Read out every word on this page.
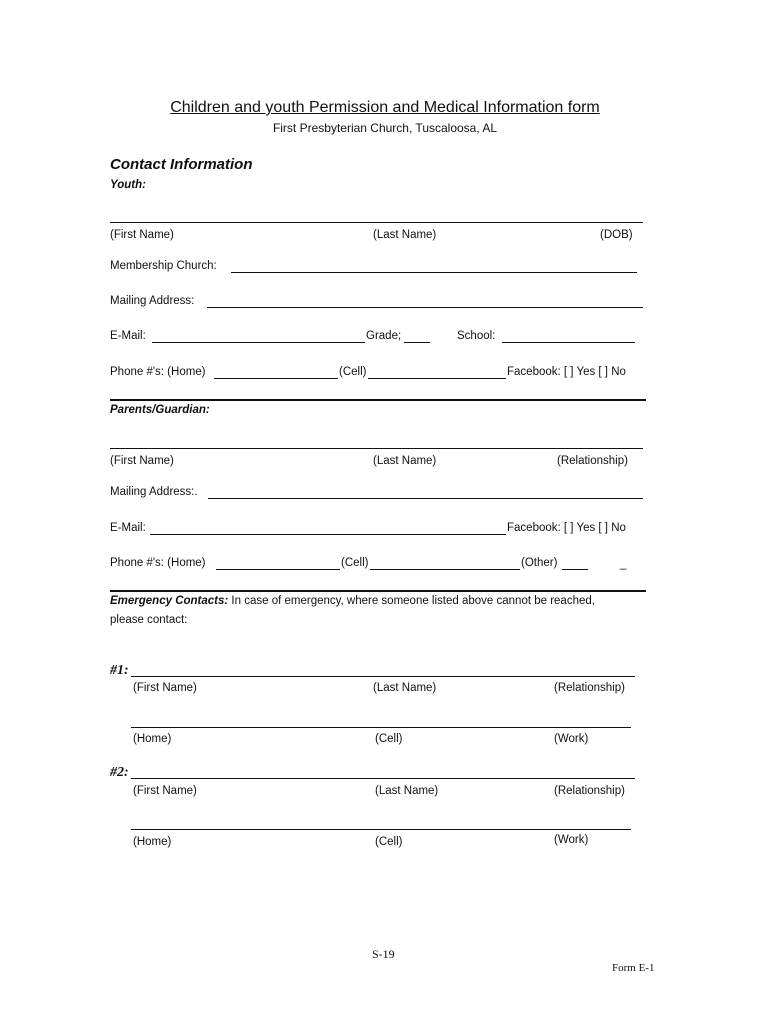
Children and youth Permission and Medical Information form
First Presbyterian Church, Tuscaloosa, AL
Contact Information
Youth:
(First Name)	(Last Name)	(DOB)
Membership Church:
Mailing Address:
E-Mail:	Grade;	School:
Phone #'s: (Home)	(Cell)	Facebook: [ ] Yes [ ] No
Parents/Guardian:
(First Name)	(Last Name)	(Relationship)
Mailing Address:.
E-Mail:	Facebook: [ ] Yes [ ] No
Phone #'s: (Home)	(Cell)	(Other)	_
Emergency Contacts: In case of emergency, where someone listed above cannot be reached,
please contact:
#1:
(First Name)	(Last Name)	(Relationship)
(Home)	(Cell)	(Work)
#2:
(First Name)	(Last Name)	(Relationship)
(Home)	(Cell)	(Work)
S-19
Form E-1
